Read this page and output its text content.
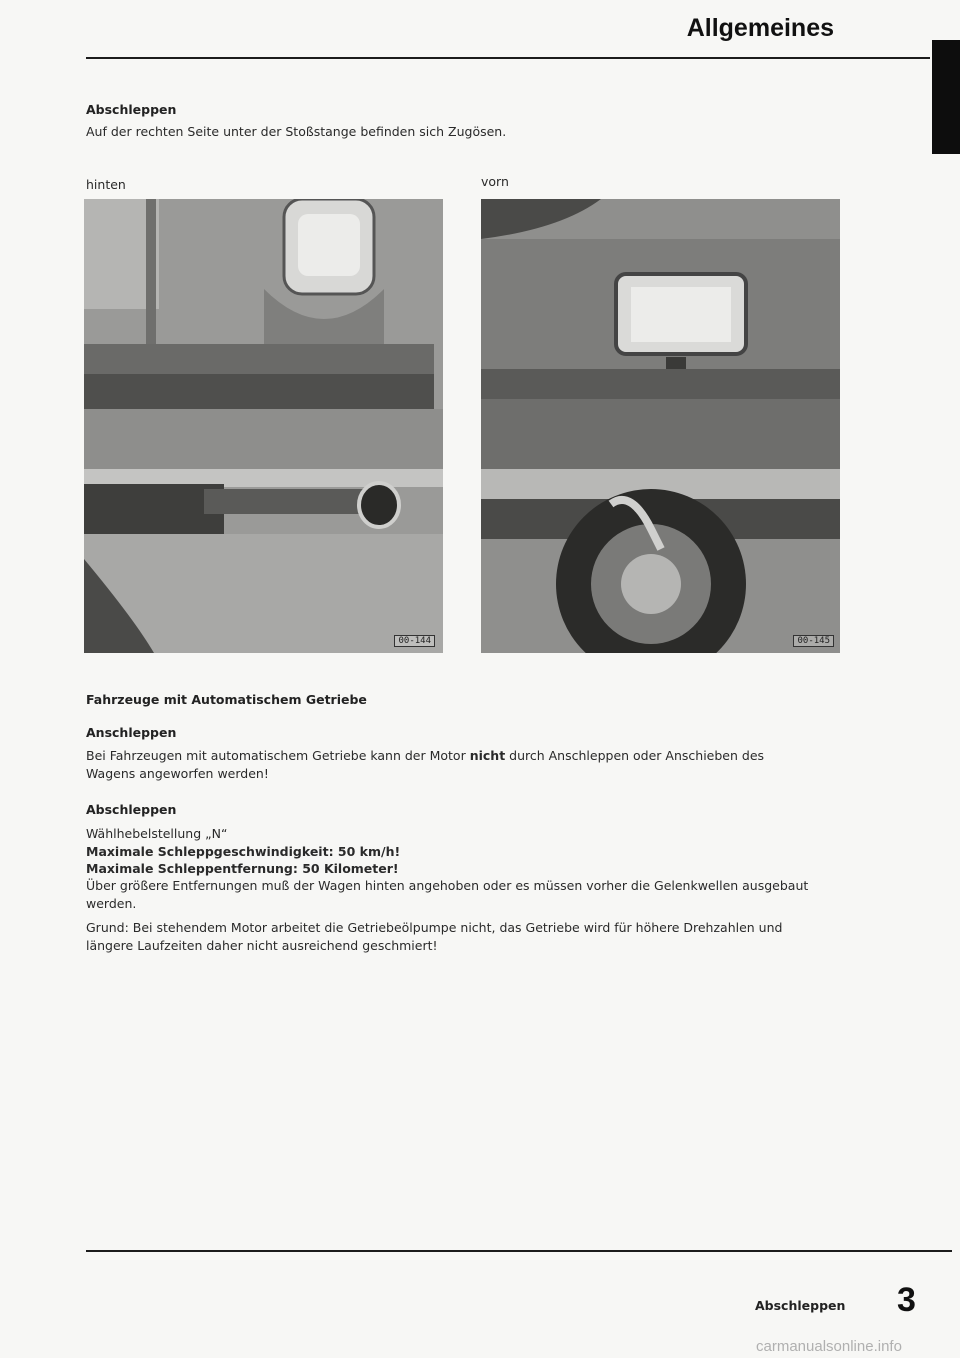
Allgemeines
Abschleppen
Auf der rechten Seite unter der Stoßstange befinden sich Zugösen.
hinten	vorn
00-144	00-145
Fahrzeuge mit Automatischem Getriebe
Anschleppen
Bei Fahrzeugen mit automatischem Getriebe kann der Motor nicht durch Anschleppen oder Anschieben des
Wagens angeworfen werden!
Abschleppen
Wählhebelstellung „N“
Maximale Schleppgeschwindigkeit: 50 km/h!
Maximale Schleppentfernung: 50 Kilometer!
Über größere Entfernungen muß der Wagen hinten angehoben oder es müssen vorher die Gelenkwellen ausgebaut
werden.
Grund: Bei stehendem Motor arbeitet die Getriebeölpumpe nicht, das Getriebe wird für höhere Drehzahlen und
längere Laufzeiten daher nicht ausreichend geschmiert!
Abschleppen 3
carmanualsonline.info
